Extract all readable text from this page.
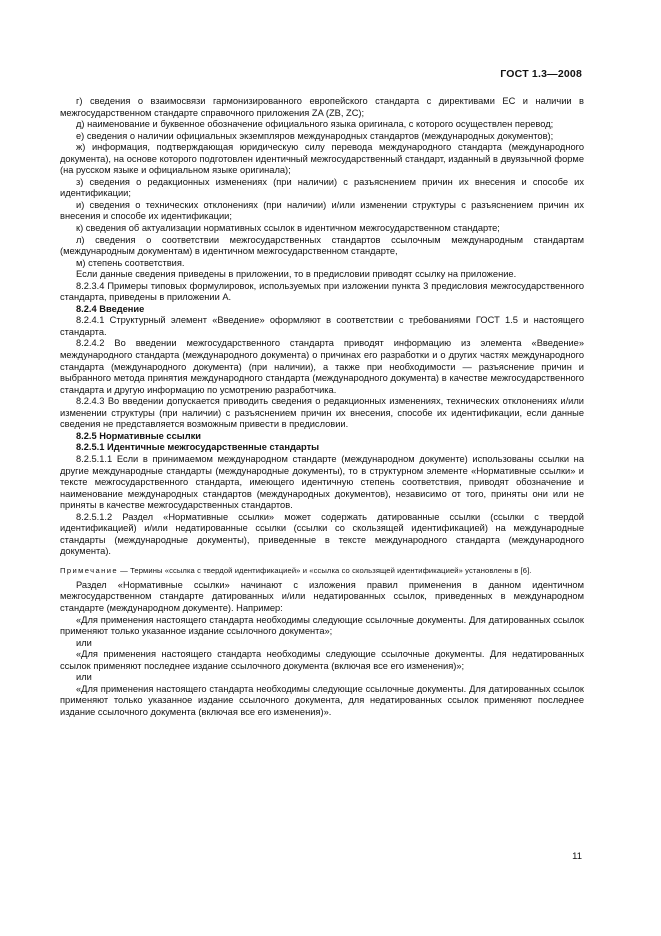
ГОСТ 1.3—2008

г) сведения о взаимосвязи гармонизированного европейского стандарта с директивами ЕС и наличии в межгосударственном стандарте справочного приложения ZA (ZB, ZC);

д) наименование и буквенное обозначение официального языка оригинала, с которого осуществлен перевод;

е) сведения о наличии официальных экземпляров международных стандартов (международных документов);

ж) информация, подтверждающая юридическую силу перевода международного стандарта (международного документа), на основе которого подготовлен идентичный межгосударственный стандарт, изданный в двуязычной форме (на русском языке и официальном языке оригинала);

з) сведения о редакционных изменениях (при наличии) с разъяснением причин их внесения и способе их идентификации;

и) сведения о технических отклонениях (при наличии) и/или изменении структуры с разъяснением причин их внесения и способе их идентификации;

к) сведения об актуализации нормативных ссылок в идентичном межгосударственном стандарте;

л) сведения о соответствии межгосударственных стандартов ссылочным международным стандартам (международным документам) в идентичном межгосударственном стандарте,

м) степень соответствия.

Если данные сведения приведены в приложении, то в предисловии приводят ссылку на приложение.

8.2.3.4 Примеры типовых формулировок, используемых при изложении пункта 3 предисловия межгосударственного стандарта, приведены в приложении А.

8.2.4 Введение

8.2.4.1 Структурный элемент «Введение» оформляют в соответствии с требованиями ГОСТ 1.5 и настоящего стандарта.

8.2.4.2 Во введении межгосударственного стандарта приводят информацию из элемента «Введение» международного стандарта (международного документа) о причинах его разработки и о других частях международного стандарта (международного документа) (при наличии), а также при необходимости — разъяснение причин и выбранного метода принятия международного стандарта (международного документа) в качестве межгосударственного стандарта и другую информацию по усмотрению разработчика.

8.2.4.3 Во введении допускается приводить сведения о редакционных изменениях, технических отклонениях и/или изменении структуры (при наличии) с разъяснением причин их внесения, способе их идентификации, если данные сведения не представляется возможным привести в предисловии.

8.2.5 Нормативные ссылки

8.2.5.1 Идентичные межгосударственные стандарты

8.2.5.1.1 Если в принимаемом международном стандарте (международном документе) использованы ссылки на другие международные стандарты (международные документы), то в структурном элементе «Нормативные ссылки» и тексте межгосударственного стандарта, имеющего идентичную степень соответствия, приводят обозначение и наименование международных стандартов (международных документов), независимо от того, приняты они или не приняты в качестве межгосударственных стандартов.

8.2.5.1.2 Раздел «Нормативные ссылки» может содержать датированные ссылки (ссылки с твердой идентификацией) и/или недатированные ссылки (ссылки со скользящей идентификацией) на международные стандарты (международные документы), приведенные в тексте международного стандарта (международного документа).

Примечание — Термины «ссылка с твердой идентификацией» и «ссылка со скользящей идентификацией» установлены в [6].

Раздел «Нормативные ссылки» начинают с изложения правил применения в данном идентичном межгосударственном стандарте датированных и/или недатированных ссылок, приведенных в международном стандарте (международном документе). Например:

«Для применения настоящего стандарта необходимы следующие ссылочные документы. Для датированных ссылок применяют только указанное издание ссылочного документа»;

или

«Для применения настоящего стандарта необходимы следующие ссылочные документы. Для недатированных ссылок применяют последнее издание ссылочного документа (включая все его изменения)»;

или

«Для применения настоящего стандарта необходимы следующие ссылочные документы. Для датированных ссылок применяют только указанное издание ссылочного документа, для недатированных ссылок применяют последнее издание ссылочного документа (включая все его изменения)».

11
